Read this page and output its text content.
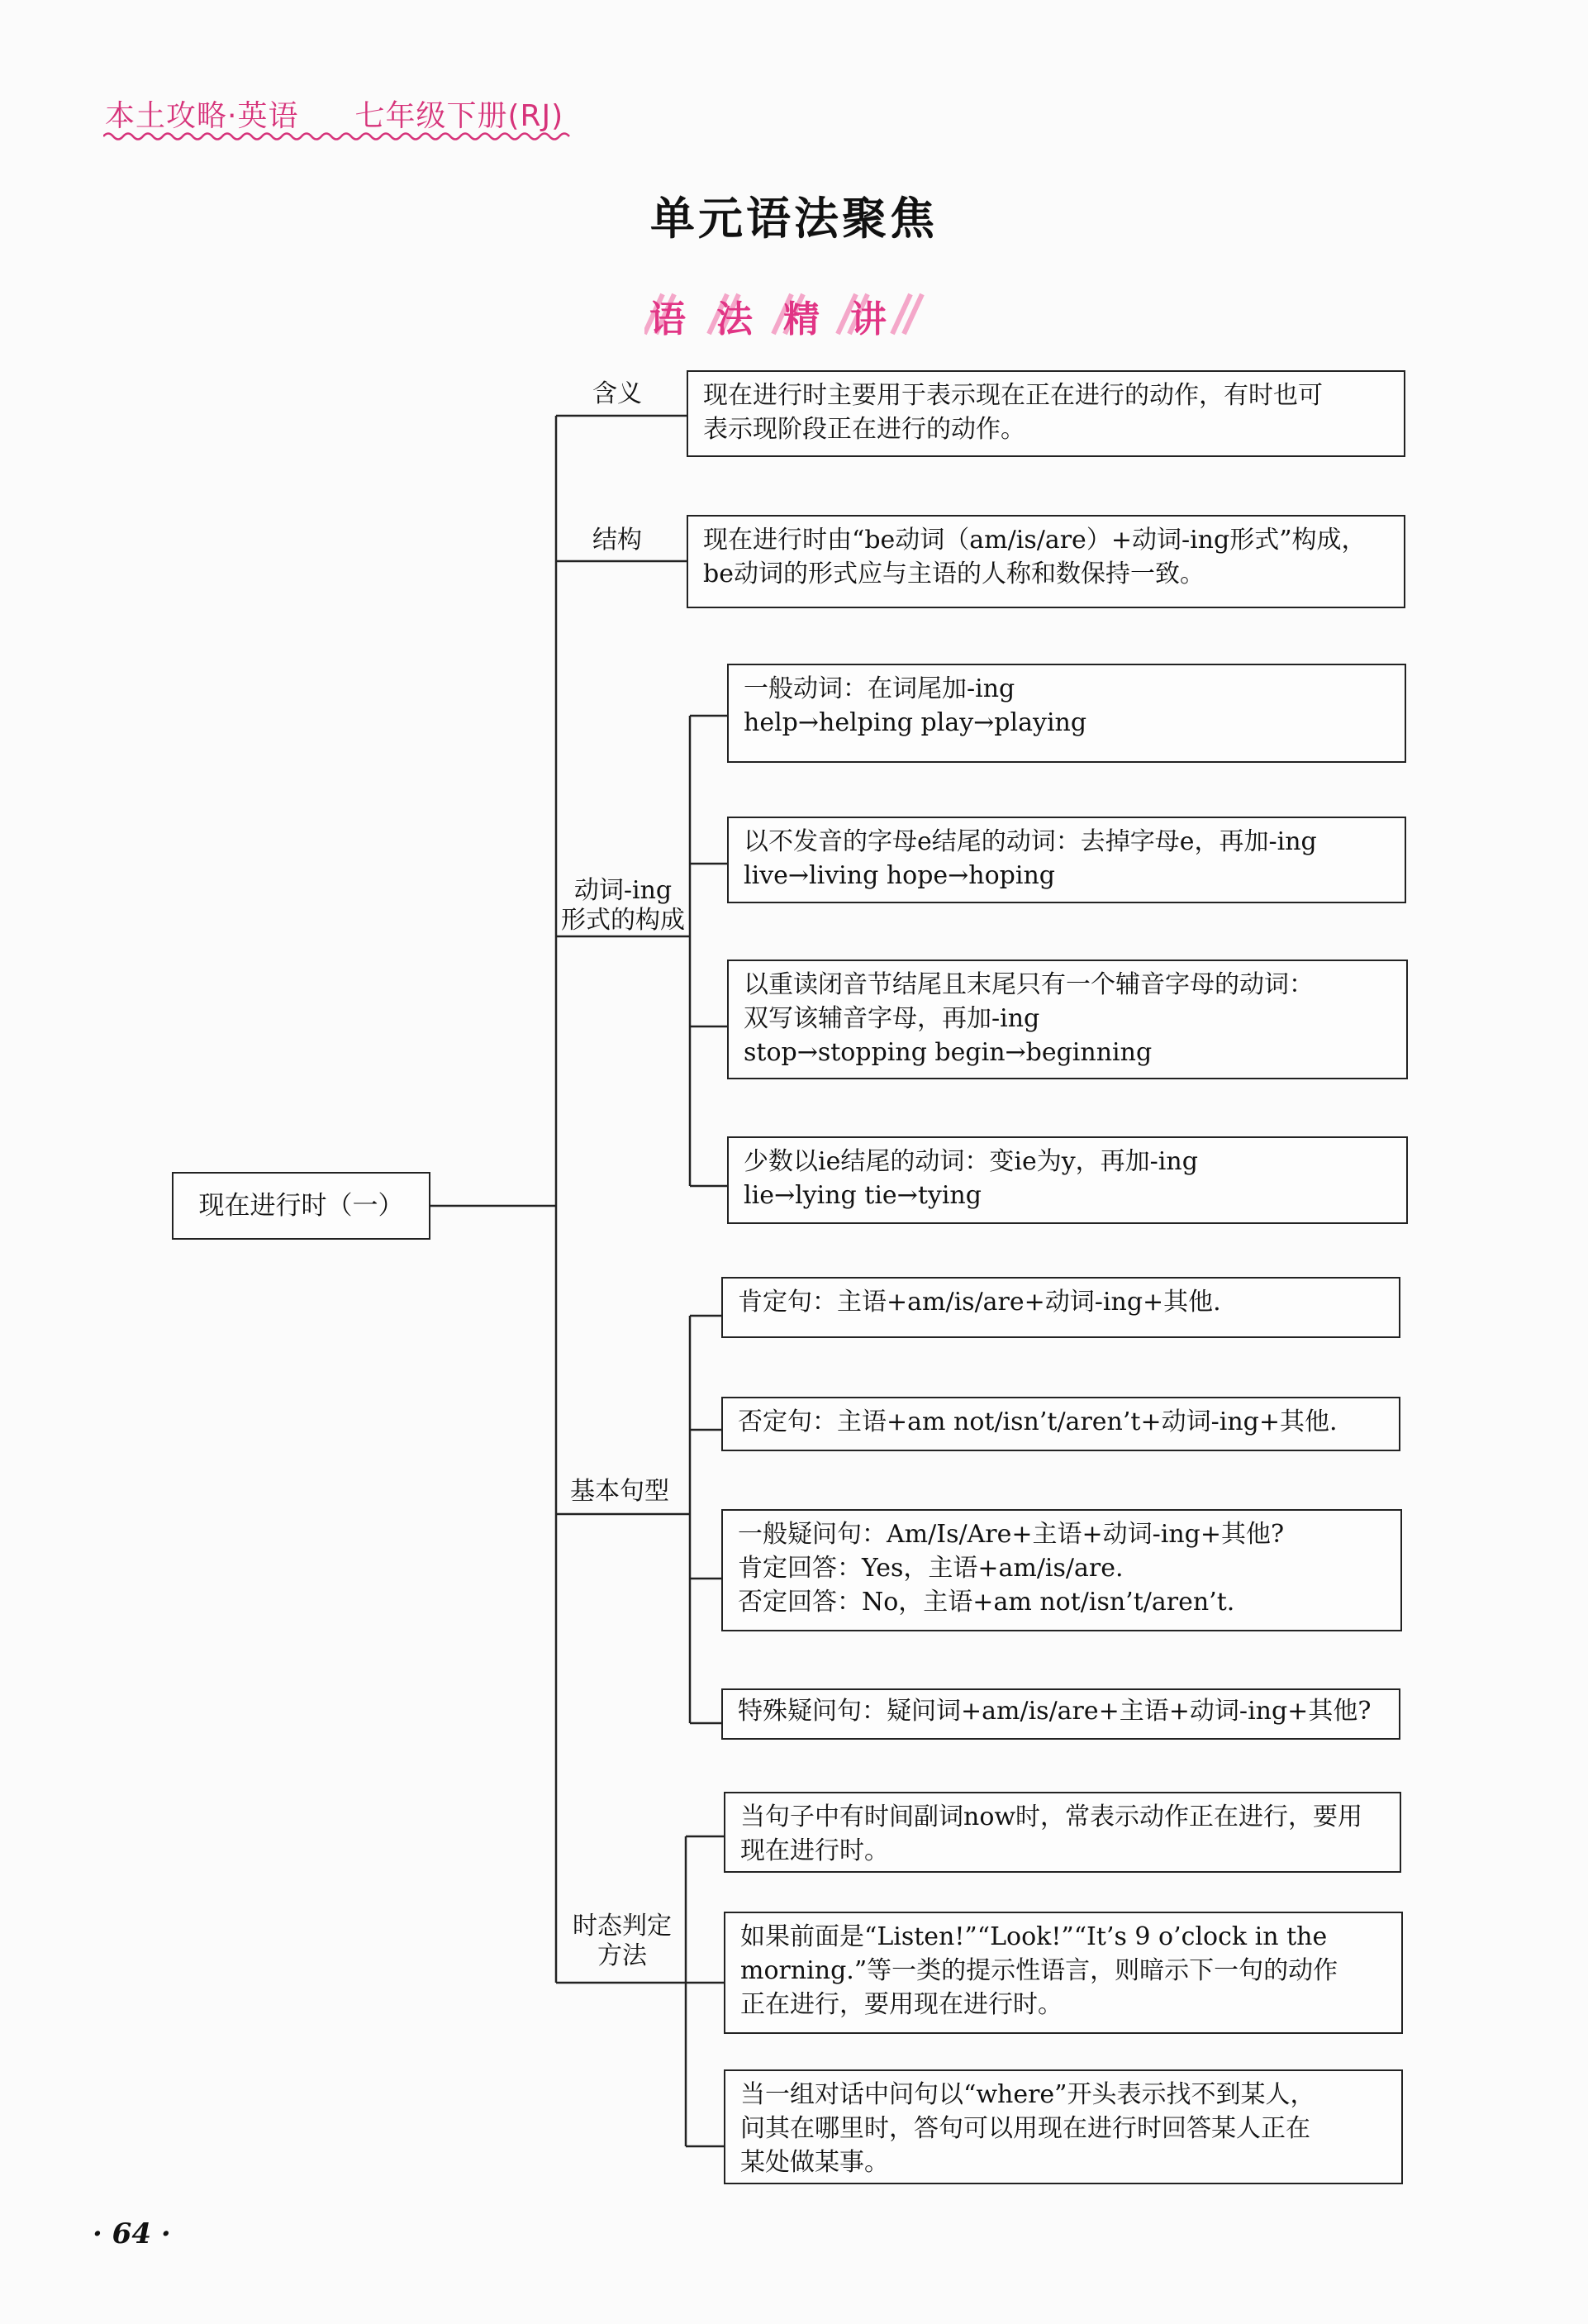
本土攻略·英语 七年级下册(RJ)
单元语法聚焦
语法精讲
现在进行时（一）
含义
结构
动词-ing
形式的构成
基本句型
时态判定
方法
现在进行时主要用于表示现在正在进行的动作，有时也可
表示现阶段正在进行的动作。
现在进行时由“be动词（am/is/are）+动词-ing形式”构成，
be动词的形式应与主语的人称和数保持一致。
一般动词：在词尾加-ing
help→helping play→playing
以不发音的字母e结尾的动词：去掉字母e，再加-ing
live→living hope→hoping
以重读闭音节结尾且末尾只有一个辅音字母的动词：
双写该辅音字母，再加-ing
stop→stopping begin→beginning
少数以ie结尾的动词：变ie为y，再加-ing
lie→lying tie→tying
肯定句：主语+am/is/are+动词-ing+其他.
否定句：主语+am not/isn’t/aren’t+动词-ing+其他.
一般疑问句：Am/Is/Are+主语+动词-ing+其他?
肯定回答：Yes，主语+am/is/are.
否定回答：No，主语+am not/isn’t/aren’t.
特殊疑问句：疑问词+am/is/are+主语+动词-ing+其他?
当句子中有时间副词now时，常表示动作正在进行，要用
现在进行时。
如果前面是“Listen!”“Look!”“It’s 9 o’clock in the
morning.”等一类的提示性语言，则暗示下一句的动作
正在进行，要用现在进行时。
当一组对话中问句以“where”开头表示找不到某人，
问其在哪里时，答句可以用现在进行时回答某人正在
某处做某事。
· 64 ·
